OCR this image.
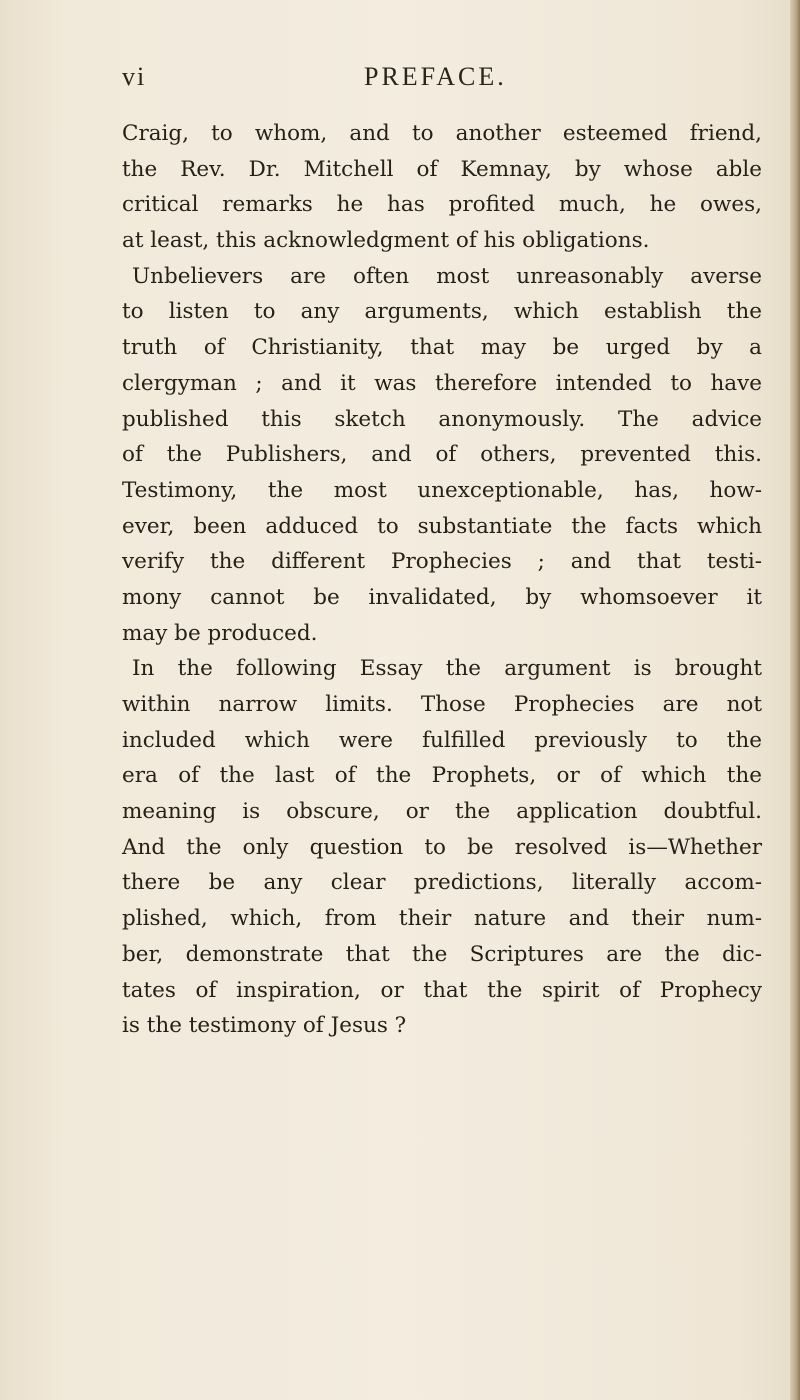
vi	PREFACE.
Craig, to whom, and to another esteemed friend,
the Rev. Dr. Mitchell of Kemnay, by whose able
critical remarks he has profited much, he owes,
at least, this acknowledgment of his obligations.
Unbelievers are often most unreasonably averse
to listen to any arguments, which establish the
truth of Christianity, that may be urged by a
clergyman ; and it was therefore intended to have
published this sketch anonymously. The advice
of the Publishers, and of others, prevented this.
Testimony, the most unexceptionable, has, how-
ever, been adduced to substantiate the facts which
verify the different Prophecies ; and that testi-
mony cannot be invalidated, by whomsoever it
may be produced.
In the following Essay the argument is brought
within narrow limits. Those Prophecies are not
included which were fulfilled previously to the
era of the last of the Prophets, or of which the
meaning is obscure, or the application doubtful.
And the only question to be resolved is—Whether
there be any clear predictions, literally accom-
plished, which, from their nature and their num-
ber, demonstrate that the Scriptures are the dic-
tates of inspiration, or that the spirit of Prophecy
is the testimony of Jesus ?
